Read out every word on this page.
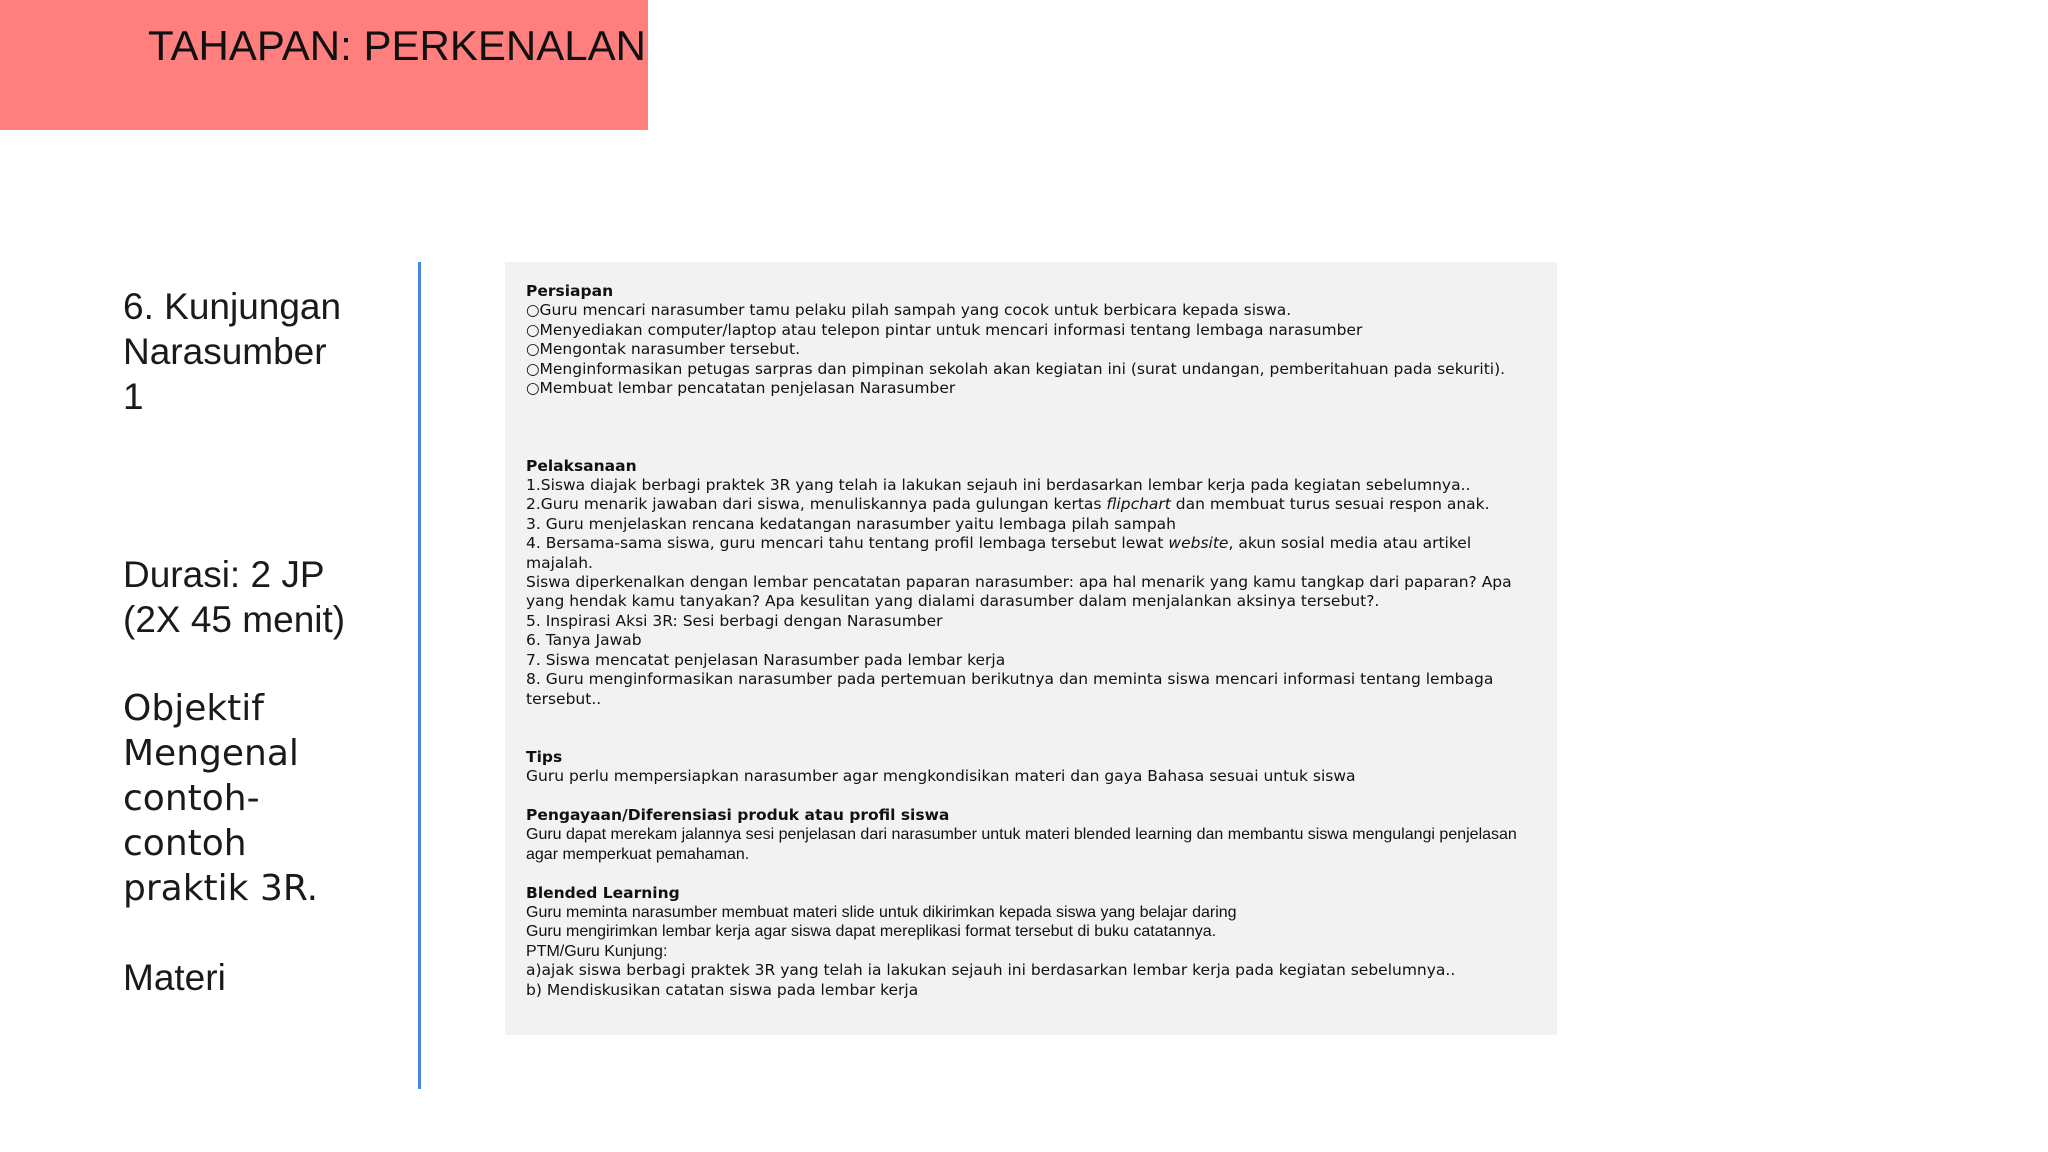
TAHAPAN: PERKENALAN
6. Kunjungan
Narasumber
1
Durasi: 2 JP
(2X 45 menit)
Objektif
Mengenal
contoh-
contoh
praktik 3R.
Materi
Persiapan
○Guru mencari narasumber tamu pelaku pilah sampah yang cocok untuk berbicara kepada siswa.
○Menyediakan computer/laptop atau telepon pintar untuk mencari informasi tentang lembaga narasumber
○Mengontak narasumber tersebut.
○Menginformasikan petugas sarpras dan pimpinan sekolah akan kegiatan ini (surat undangan, pemberitahuan pada sekuriti).
○Membuat lembar pencatatan penjelasan Narasumber
Pelaksanaan
1.Siswa diajak berbagi praktek 3R yang telah ia lakukan sejauh ini berdasarkan lembar kerja pada kegiatan sebelumnya..
2.Guru menarik jawaban dari siswa, menuliskannya pada gulungan kertas flipchart dan membuat turus sesuai respon anak.
3. Guru menjelaskan rencana kedatangan narasumber yaitu lembaga pilah sampah
4. Bersama-sama siswa, guru mencari tahu tentang profil lembaga tersebut lewat website, akun sosial media atau artikel majalah.
Siswa diperkenalkan dengan lembar pencatatan paparan narasumber: apa hal menarik yang kamu tangkap dari paparan? Apa yang hendak kamu tanyakan? Apa kesulitan yang dialami darasumber dalam menjalankan aksinya tersebut?.
5. Inspirasi Aksi 3R: Sesi berbagi dengan Narasumber
6. Tanya Jawab
7. Siswa mencatat penjelasan Narasumber pada lembar kerja
8. Guru menginformasikan narasumber pada pertemuan berikutnya dan meminta siswa mencari informasi tentang lembaga tersebut..
Tips
Guru perlu mempersiapkan narasumber agar mengkondisikan materi dan gaya Bahasa sesuai untuk siswa
Pengayaan/Diferensiasi produk atau profil siswa
Guru dapat merekam jalannya sesi penjelasan dari narasumber untuk materi blended learning dan membantu siswa mengulangi penjelasan agar memperkuat pemahaman.
Blended Learning
Guru meminta narasumber membuat materi slide untuk dikirimkan kepada siswa yang belajar daring
Guru mengirimkan lembar kerja agar siswa dapat mereplikasi format tersebut di buku catatannya.
PTM/Guru Kunjung:
a)ajak siswa berbagi praktek 3R yang telah ia lakukan sejauh ini berdasarkan lembar kerja pada kegiatan sebelumnya..
b) Mendiskusikan catatan siswa pada lembar kerja
